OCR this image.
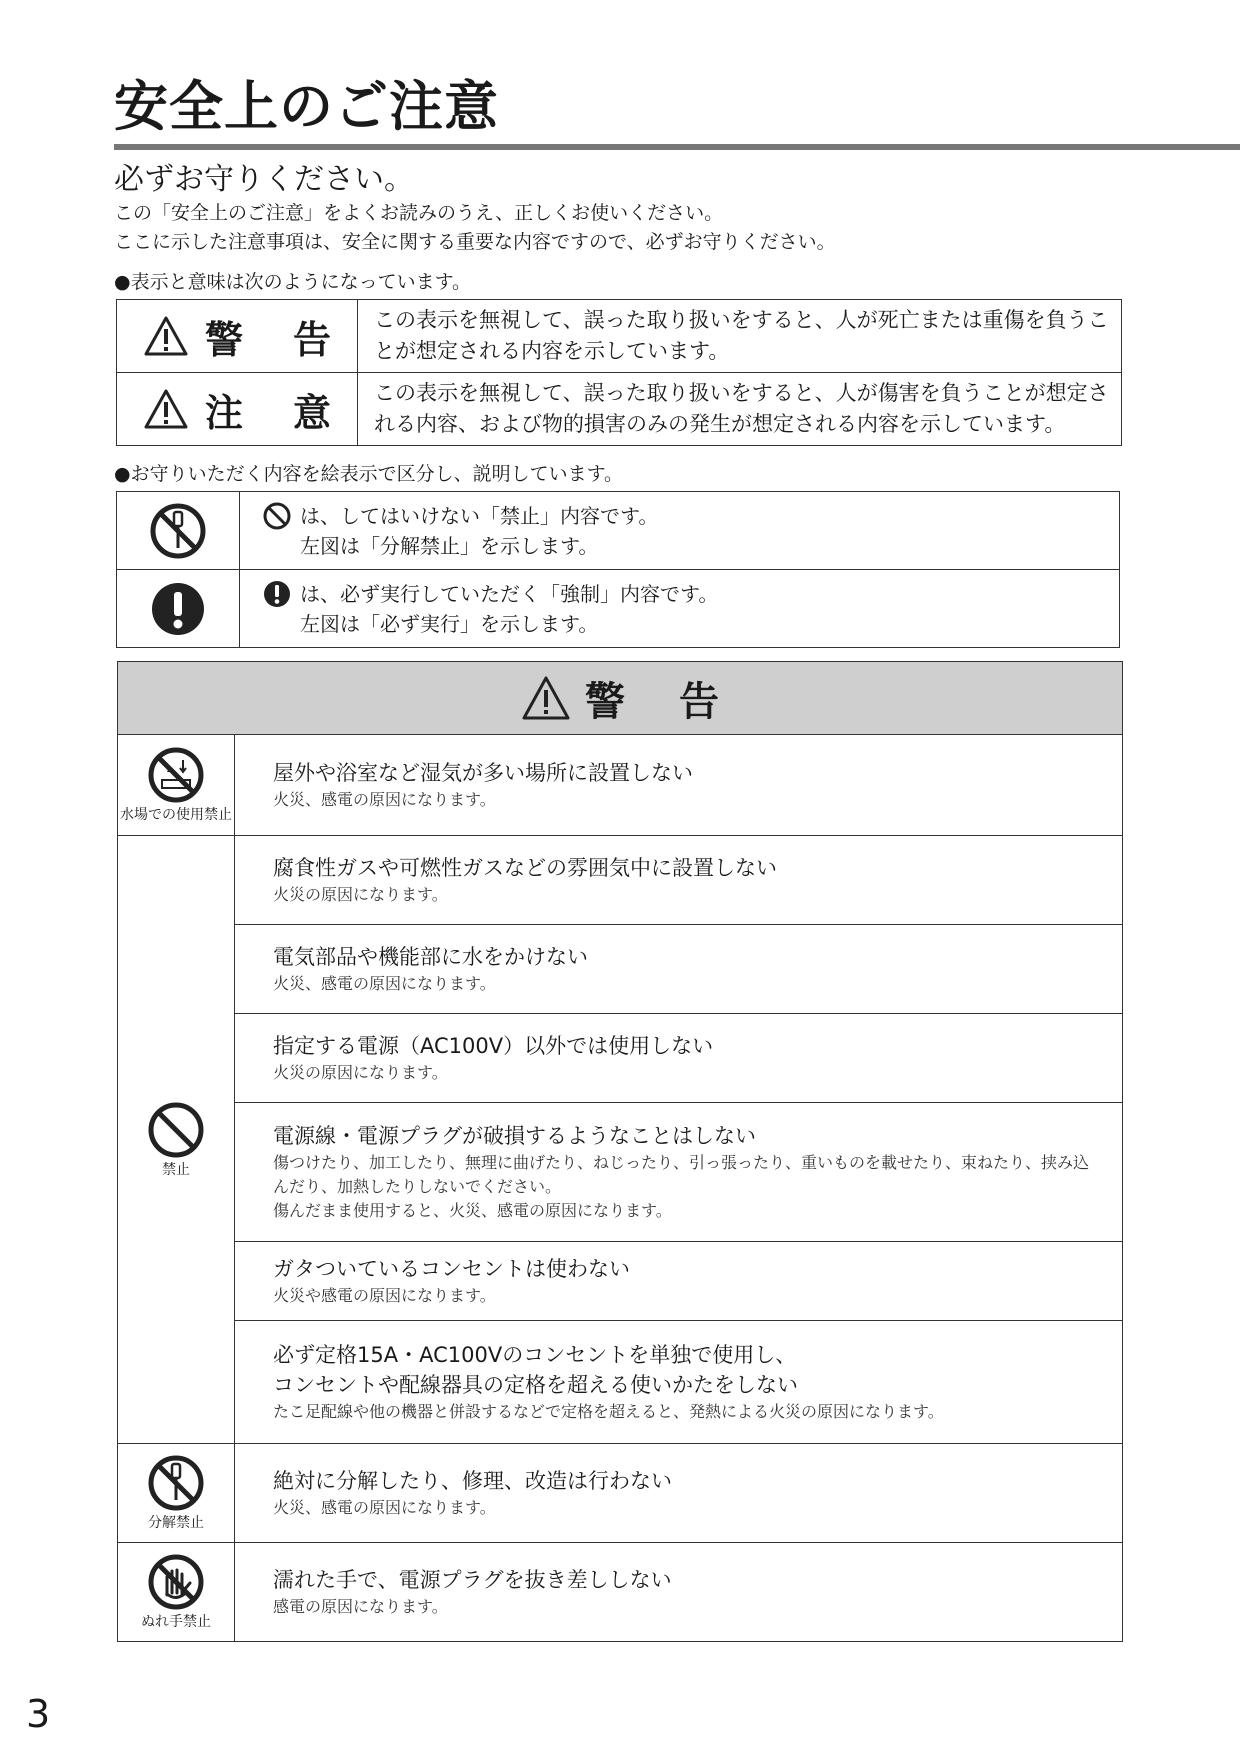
安全上のご注意
必ずお守りください。
この「安全上のご注意」をよくお読みのうえ、正しくお使いください。
ここに示した注意事項は、安全に関する重要な内容ですので、必ずお守りください。
●表示と意味は次のようになっています。
警告	この表示を無視して、誤った取り扱いをすると、人が死亡または重傷を負うことが想定される内容を示しています。

注意	この表示を無視して、誤った取り扱いをすると、人が傷害を負うことが想定される内容、および物的損害のみの発生が想定される内容を示しています。
●お守りいただく内容を絵表示で区分し、説明しています。

は、してはいけない「禁止」内容です。
左図は「分解禁止」を示します。

は、必ず実行していただく「強制」内容です。
左図は「必ず実行」を示します。
警告	

水場での使用禁止	屋外や浴室など湿気が多い場所に設置しない
火災、感電の原因になります。

禁止	腐食性ガスや可燃性ガスなどの雰囲気中に設置しない
火災の原因になります。

	電気部品や機能部に水をかけない
火災、感電の原因になります。

	指定する電源（AC100V）以外では使用しない
火災の原因になります。

	電源線・電源プラグが破損するようなことはしない
傷つけたり、加工したり、無理に曲げたり、ねじったり、引っ張ったり、重いものを載せたり、束ねたり、挟み込んだり、加熱したりしないでください。
傷んだまま使用すると、火災、感電の原因になります。

	ガタついているコンセントは使わない
火災や感電の原因になります。

	必ず定格15A・AC100Vのコンセントを単独で使用し、
コンセントや配線器具の定格を超える使いかたをしない
たこ足配線や他の機器と併設するなどで定格を超えると、発熱による火災の原因になります。

分解禁止	絶対に分解したり、修理、改造は行わない
火災、感電の原因になります。

ぬれ手禁止	濡れた手で、電源プラグを抜き差ししない
感電の原因になります。
3
